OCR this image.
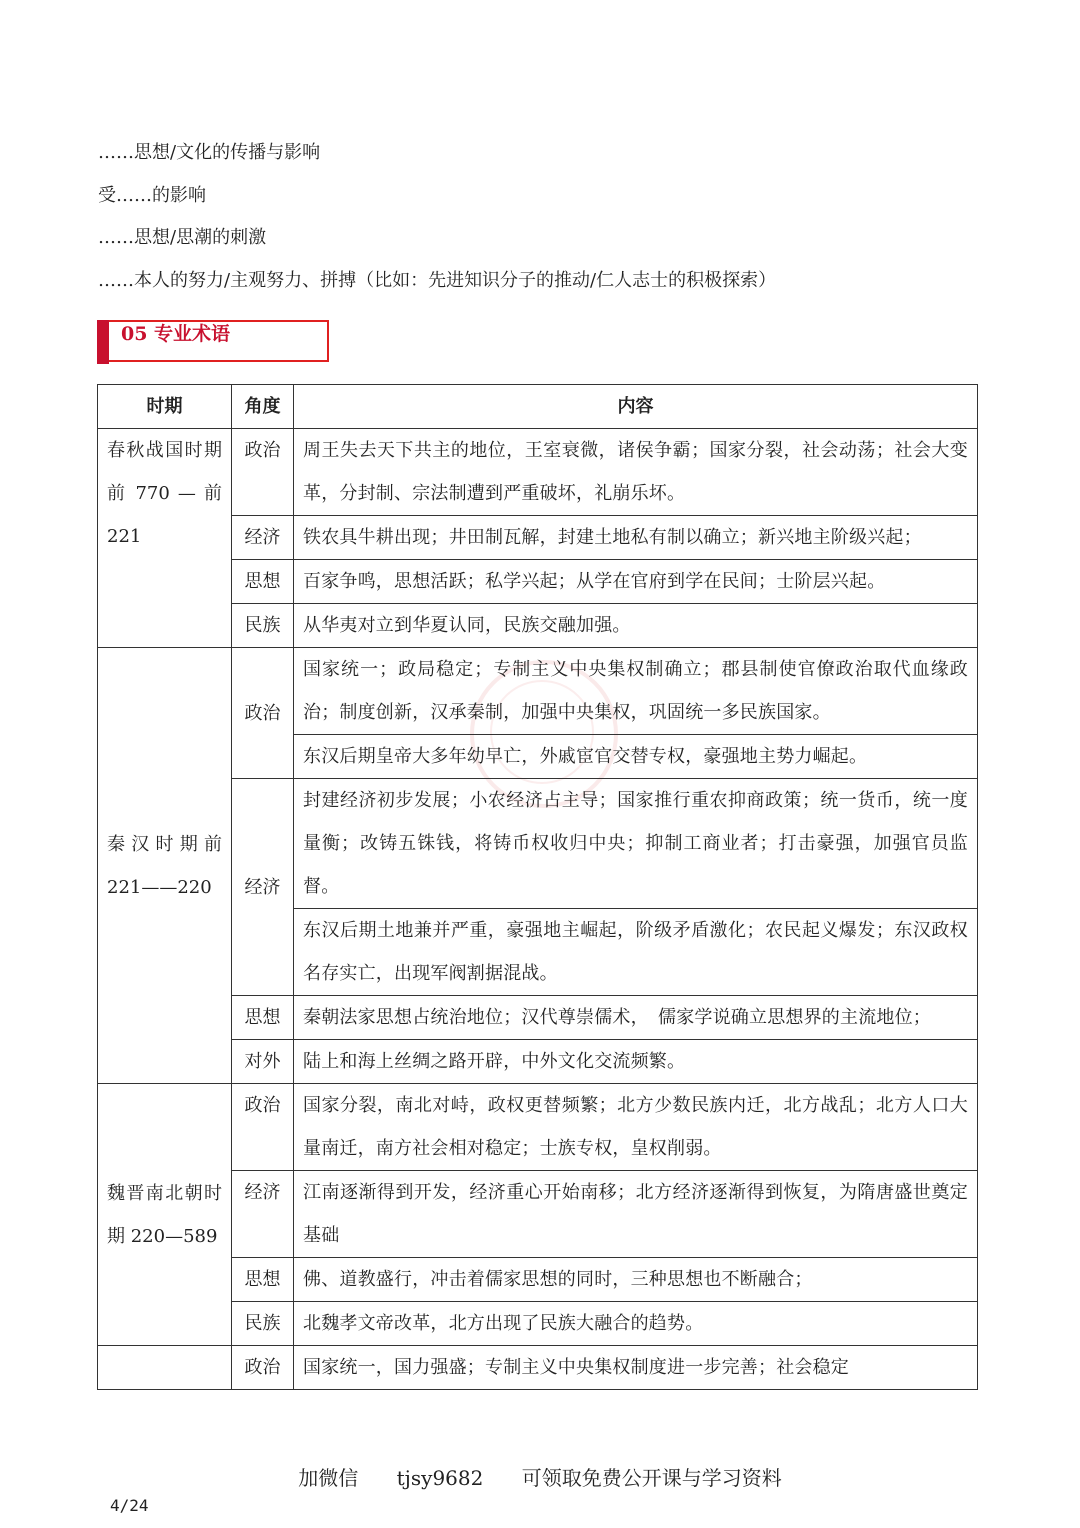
……思想/文化的传播与影响
受……的影响
……思想/思潮的刺激
……本人的努力/主观努力、拼搏（比如：先进知识分子的推动/仁人志士的积极探索）
05 专业术语
时期	角度	内容
春秋战国时期前 770 — 前 221	政治	周王失去天下共主的地位，王室衰微，诸侯争霸；国家分裂，社会动荡；社会大变革，分封制、宗法制遭到严重破坏，礼崩乐坏。
	经济	铁农具牛耕出现；井田制瓦解，封建土地私有制以确立；新兴地主阶级兴起；
	思想	百家争鸣，思想活跃；私学兴起；从学在官府到学在民间；士阶层兴起。
	民族	从华夷对立到华夏认同，民族交融加强。
秦 汉 时 期 前 221——220	政治	国家统一；政局稳定；专制主义中央集权制确立；郡县制使官僚政治取代血缘政治；制度创新，汉承秦制，加强中央集权，巩固统一多民族国家。
		东汉后期皇帝大多年幼早亡，外戚宦官交替专权，豪强地主势力崛起。
	经济	封建经济初步发展；小农经济占主导；国家推行重农抑商政策；统一货币，统一度量衡；改铸五铢钱，将铸币权收归中央；抑制工商业者；打击豪强，加强官员监督。
		东汉后期土地兼并严重，豪强地主崛起，阶级矛盾激化；农民起义爆发；东汉政权名存实亡，出现军阀割据混战。
	思想	秦朝法家思想占统治地位；汉代尊崇儒术，　儒家学说确立思想界的主流地位；
	对外	陆上和海上丝绸之路开辟，中外文化交流频繁。
魏晋南北朝时期 220—589	政治	国家分裂，南北对峙，政权更替频繁；北方少数民族内迁，北方战乱；北方人口大量南迁，南方社会相对稳定；士族专权，皇权削弱。
	经济	江南逐渐得到开发，经济重心开始南移；北方经济逐渐得到恢复，为隋唐盛世奠定基础
	思想	佛、道教盛行，冲击着儒家思想的同时，三种思想也不断融合；
	民族	北魏孝文帝改革，北方出现了民族大融合的趋势。
	政治	国家统一，国力强盛；专制主义中央集权制度进一步完善；社会稳定
加微信 tjsy9682 可领取免费公开课与学习资料
4/24
